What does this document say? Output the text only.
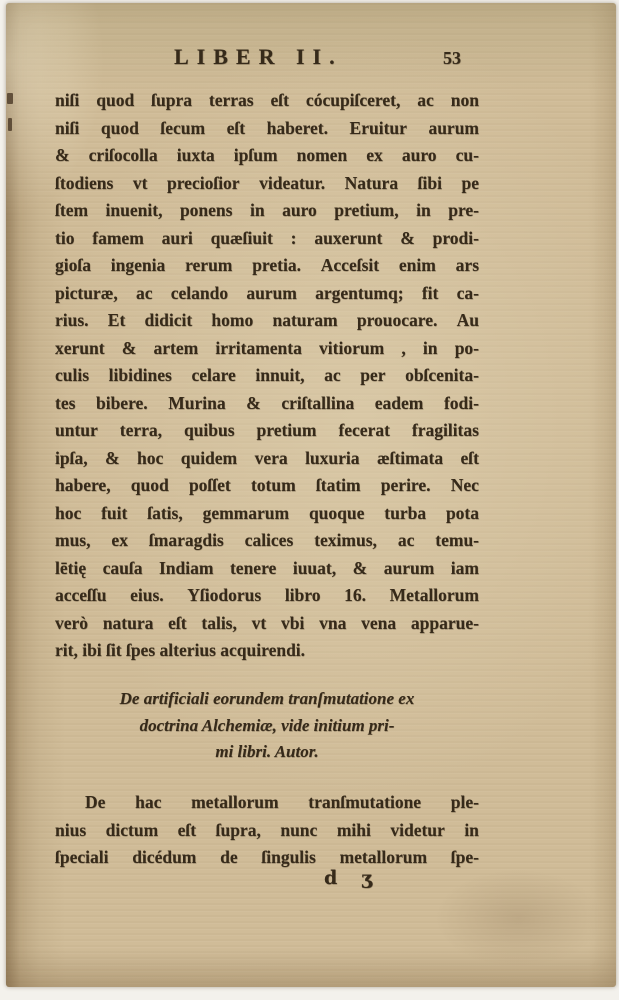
LIBER II.	53
niſi quod ſupra terras eſt cócupiſceret, ac non
niſi quod ſecum eſt haberet. Eruitur aurum
& criſocolla iuxta ipſum nomen ex auro cu-
ſtodiens vt precioſior videatur. Natura ſibi pe
ſtem inuenit, ponens in auro pretium, in pre-
tio famem auri quæſiuit : auxerunt & prodi-
gioſa ingenia rerum pretia. Acceſsit enim ars
picturæ, ac celando aurum argentumq; fit ca-
rius. Et didicit homo naturam prouocare. Au
xerunt & artem irritamenta vitiorum , in po-
culis libidines celare innuit, ac per obſcenita-
tes bibere. Murina & criſtallina eadem fodi-
untur terra, quibus pretium fecerat fragilitas
ipſa, & hoc quidem vera luxuria æſtimata eſt
habere, quod poſſet totum ſtatim perire. Nec
hoc fuit ſatis, gemmarum quoque turba pota
mus, ex ſmaragdis calices teximus, ac temu-
lētię cauſa Indiam tenere iuuat, & aurum iam
acceſſu eius. Yſiodorus libro 16. Metallorum
verò natura eſt talis, vt vbi vna vena apparue-
rit, ibi ſit ſpes alterius acquirendi.
De artificiali eorundem tranſmutatione ex
doctrina Alchemiæ, vide initium pri-
mi libri. Autor.
De hac metallorum tranſmutatione ple-
nius dictum eſt ſupra, nunc mihi videtur in
ſpeciali dicédum de ſingulis metallorum ſpe-
d ʒ
